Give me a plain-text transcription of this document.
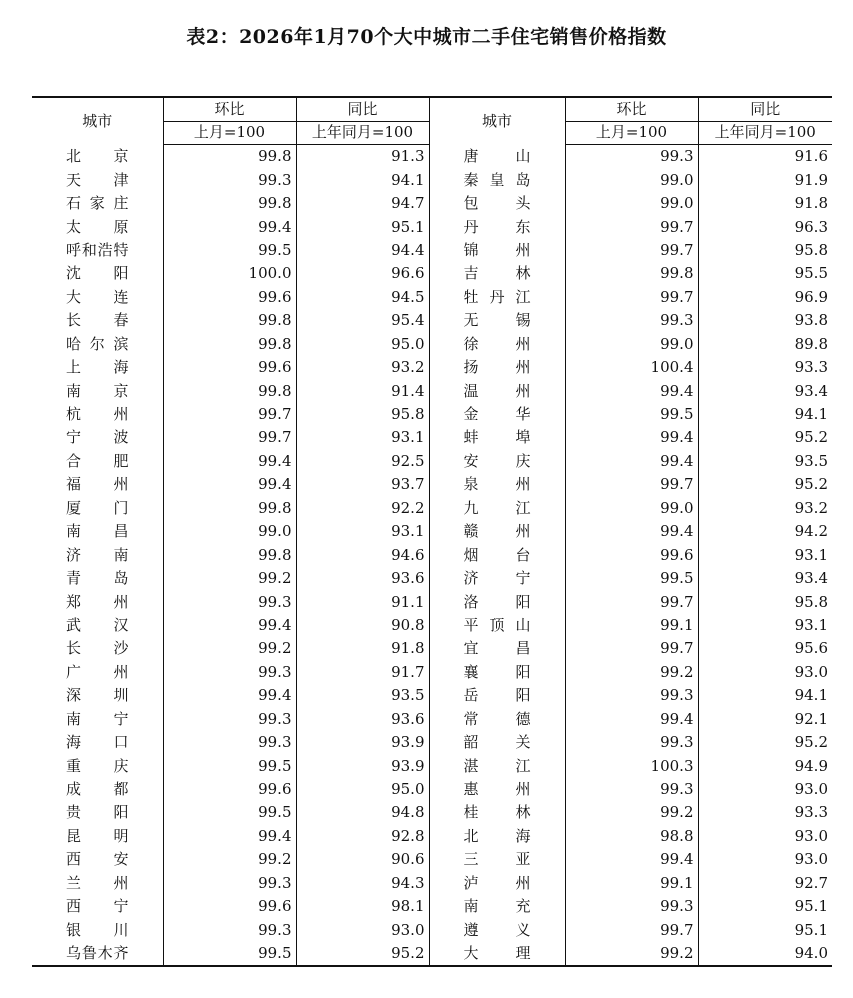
表2：2026年1月70个大中城市二手住宅销售价格指数
城市	环比	同比	城市	环比	同比
	上月=100	上年同月=100		上月=100	上年同月=100

北京	99.8	91.3	唐山	99.3	91.6

天津	99.3	94.1	秦皇岛	99.0	91.9

石家庄	99.8	94.7	包头	99.0	91.8

太原	99.4	95.1	丹东	99.7	96.3

呼和浩特	99.5	94.4	锦州	99.7	95.8

沈阳	100.0	96.6	吉林	99.8	95.5

大连	99.6	94.5	牡丹江	99.7	96.9

长春	99.8	95.4	无锡	99.3	93.8

哈尔滨	99.8	95.0	徐州	99.0	89.8

上海	99.6	93.2	扬州	100.4	93.3

南京	99.8	91.4	温州	99.4	93.4

杭州	99.7	95.8	金华	99.5	94.1

宁波	99.7	93.1	蚌埠	99.4	95.2

合肥	99.4	92.5	安庆	99.4	93.5

福州	99.4	93.7	泉州	99.7	95.2

厦门	99.8	92.2	九江	99.0	93.2

南昌	99.0	93.1	赣州	99.4	94.2

济南	99.8	94.6	烟台	99.6	93.1

青岛	99.2	93.6	济宁	99.5	93.4

郑州	99.3	91.1	洛阳	99.7	95.8

武汉	99.4	90.8	平顶山	99.1	93.1

长沙	99.2	91.8	宜昌	99.7	95.6

广州	99.3	91.7	襄阳	99.2	93.0

深圳	99.4	93.5	岳阳	99.3	94.1

南宁	99.3	93.6	常德	99.4	92.1

海口	99.3	93.9	韶关	99.3	95.2

重庆	99.5	93.9	湛江	100.3	94.9

成都	99.6	95.0	惠州	99.3	93.0

贵阳	99.5	94.8	桂林	99.2	93.3

昆明	99.4	92.8	北海	98.8	93.0

西安	99.2	90.6	三亚	99.4	93.0

兰州	99.3	94.3	泸州	99.1	92.7

西宁	99.6	98.1	南充	99.3	95.1

银川	99.3	93.0	遵义	99.7	95.1

乌鲁木齐	99.5	95.2	大理	99.2	94.0
